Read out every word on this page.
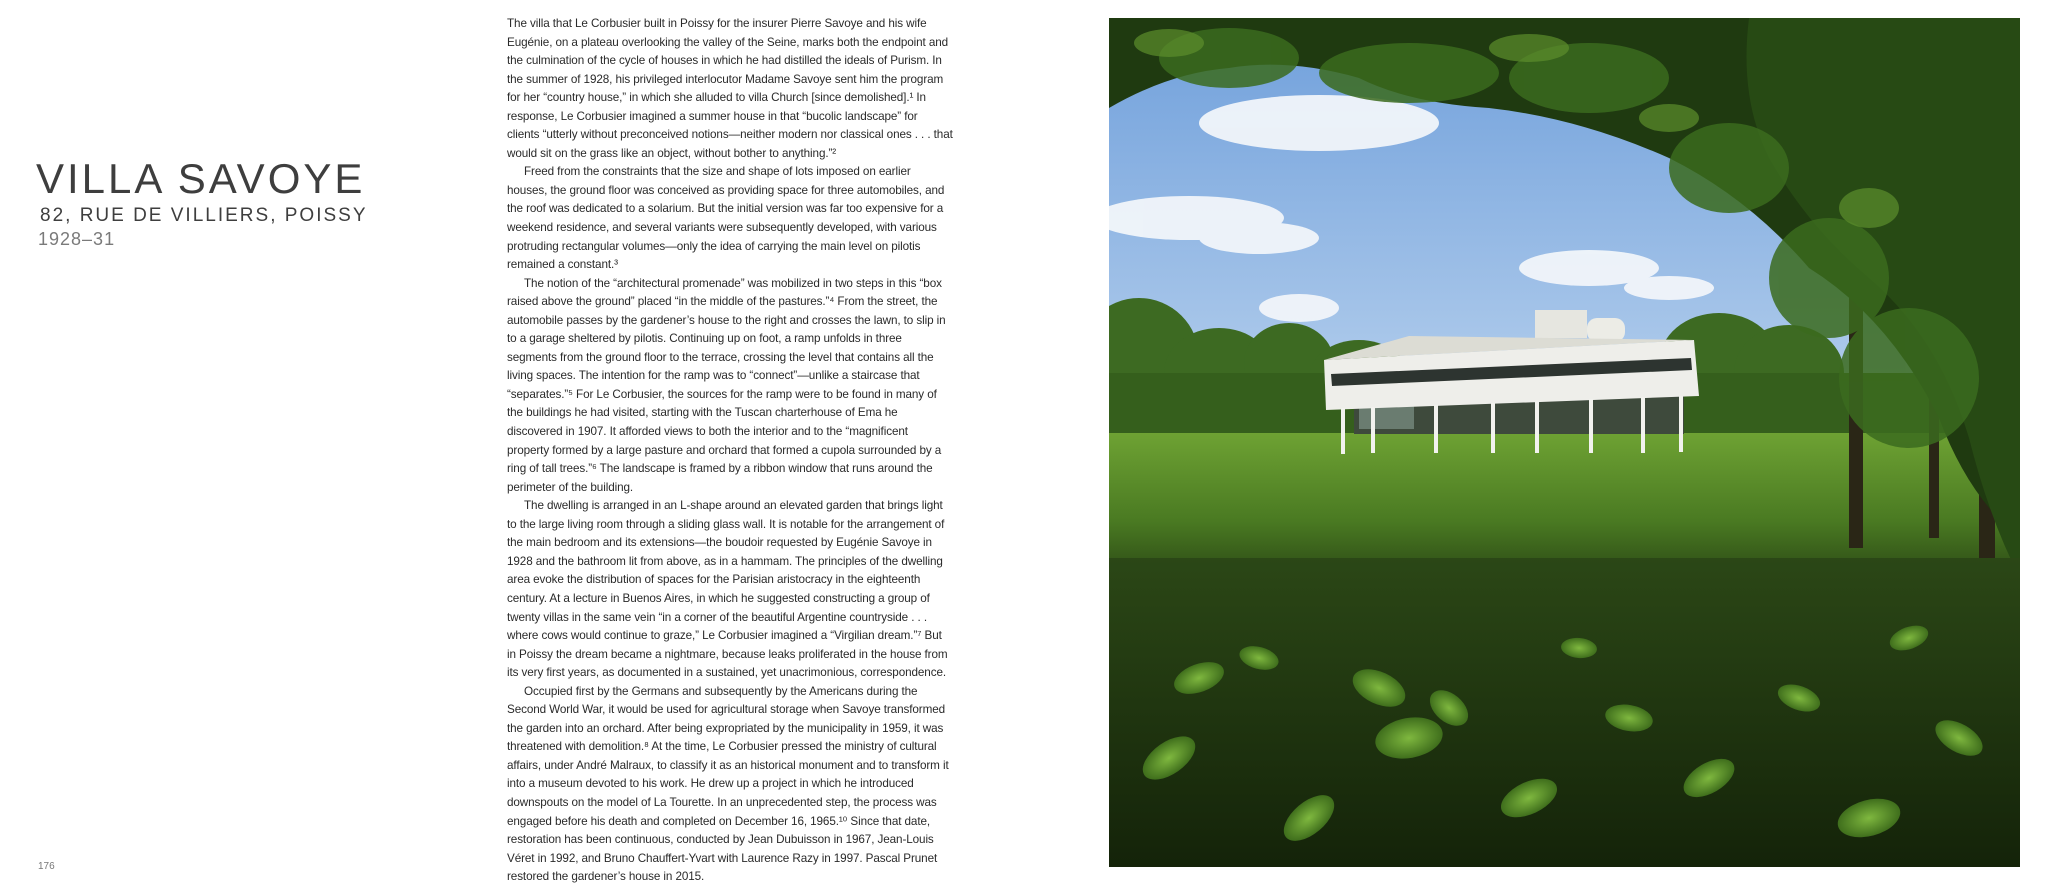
VILLA SAVOYE
82, RUE DE VILLIERS, POISSY
1928–31

The villa that Le Corbusier built in Poissy for the insurer Pierre Savoye and his wife Eugénie, on a plateau overlooking the valley of the Seine, marks both the endpoint and the culmination of the cycle of houses in which he had distilled the ideals of Purism. In the summer of 1928, his privileged interlocutor Madame Savoye sent him the program for her “country house,” in which she alluded to villa Church [since demolished].¹ In response, Le Corbusier imagined a summer house in that “bucolic landscape” for clients “utterly without preconceived notions—neither modern nor classical ones . . . that would sit on the grass like an object, without bother to anything.”²

Freed from the constraints that the size and shape of lots imposed on earlier houses, the ground floor was conceived as providing space for three automobiles, and the roof was dedicated to a solarium. But the initial version was far too expensive for a weekend residence, and several variants were subsequently developed, with various protruding rectangular volumes—only the idea of carrying the main level on pilotis remained a constant.³

The notion of the “architectural promenade” was mobilized in two steps in this “box raised above the ground” placed “in the middle of the pastures.”⁴ From the street, the automobile passes by the gardener’s house to the right and crosses the lawn, to slip in to a garage sheltered by pilotis. Continuing up on foot, a ramp unfolds in three segments from the ground floor to the terrace, crossing the level that contains all the living spaces. The intention for the ramp was to “connect”—unlike a staircase that “separates.”⁵ For Le Corbusier, the sources for the ramp were to be found in many of the buildings he had visited, starting with the Tuscan charterhouse of Ema he discovered in 1907. It afforded views to both the interior and to the “magnificent property formed by a large pasture and orchard that formed a cupola surrounded by a ring of tall trees.”⁶ The landscape is framed by a ribbon window that runs around the perimeter of the building.

The dwelling is arranged in an L-shape around an elevated garden that brings light to the large living room through a sliding glass wall. It is notable for the arrangement of the main bedroom and its extensions—the boudoir requested by Eugénie Savoye in 1928 and the bathroom lit from above, as in a hammam. The principles of the dwelling area evoke the distribution of spaces for the Parisian aristocracy in the eighteenth century. At a lecture in Buenos Aires, in which he suggested constructing a group of twenty villas in the same vein “in a corner of the beautiful Argentine countryside . . . where cows would continue to graze,” Le Corbusier imagined a “Virgilian dream.”⁷ But in Poissy the dream became a nightmare, because leaks proliferated in the house from its very first years, as documented in a sustained, yet unacrimonious, correspondence.

Occupied first by the Germans and subsequently by the Americans during the Second World War, it would be used for agricultural storage when Savoye transformed the garden into an orchard. After being expropriated by the municipality in 1959, it was threatened with demolition.⁸ At the time, Le Corbusier pressed the ministry of cultural affairs, under André Malraux, to classify it as an historical monument and to transform it into a museum devoted to his work. He drew up a project in which he introduced downspouts on the model of La Tourette. In an unprecedented step, the process was engaged before his death and completed on December 16, 1965.¹⁰ Since that date, restoration has been continuous, conducted by Jean Dubuisson in 1967, Jean-Louis Véret in 1992, and Bruno Chauffert-Yvart with Laurence Razy in 1997. Pascal Prunet restored the gardener’s house in 2015.

176
